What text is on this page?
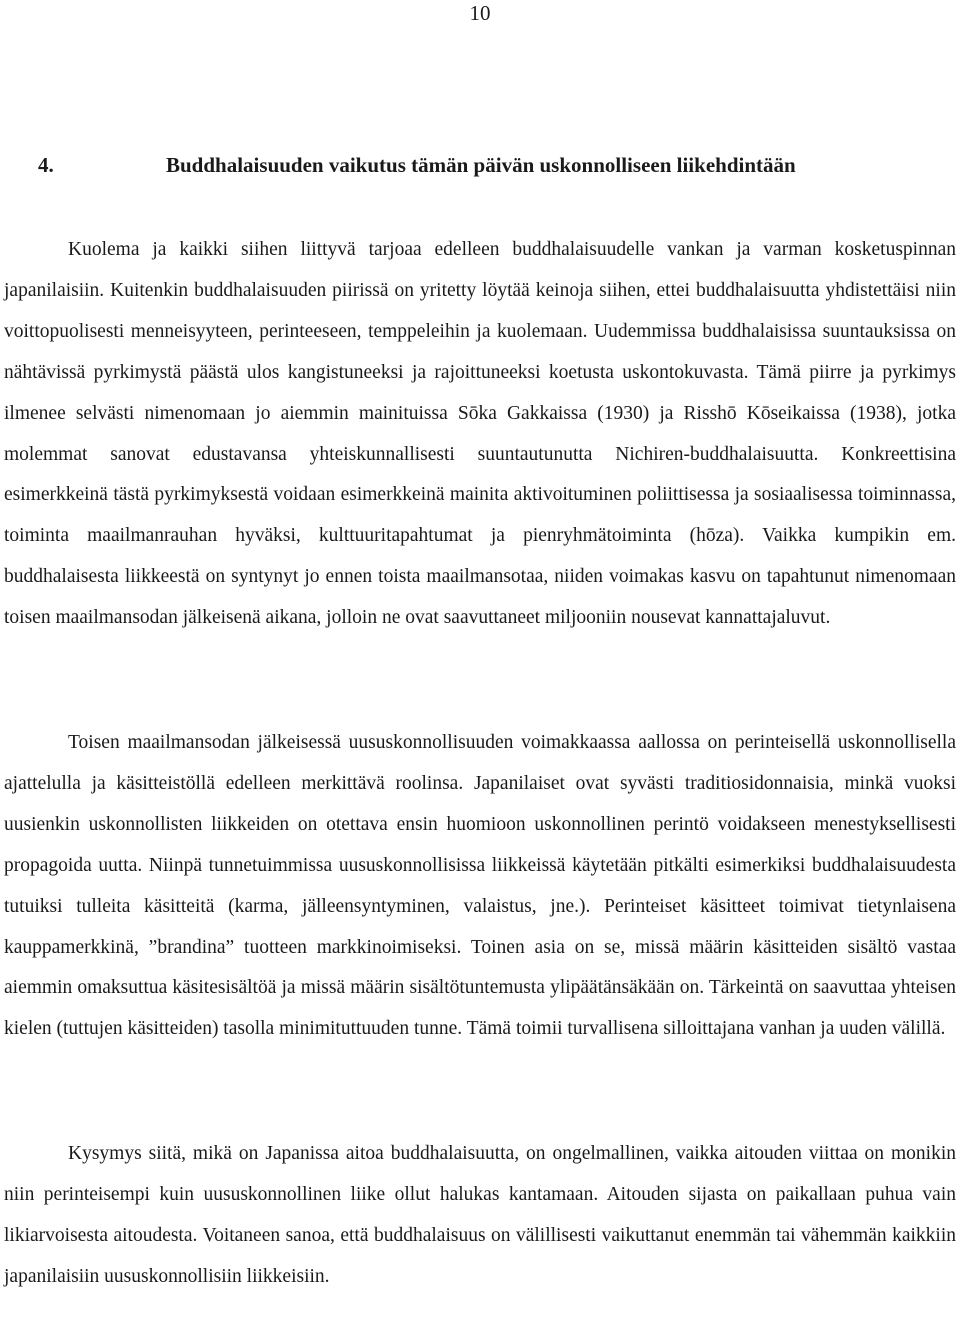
10
4.	Buddhalaisuuden vaikutus tämän päivän uskonnolliseen liikehdintään

Kuolema ja kaikki siihen liittyvä tarjoaa edelleen buddhalaisuudelle vankan ja varman kosketuspinnan japanilaisiin. Kuitenkin buddhalaisuuden piirissä on yritetty löytää keinoja siihen, ettei buddhalaisuutta yhdistettäisi niin voittopuolisesti menneisyyteen, perinteeseen, temppeleihin ja kuolemaan. Uudemmissa buddhalaisissa suuntauksissa on nähtävissä pyrkimystä päästä ulos kangistuneeksi ja rajoittuneeksi koetusta uskontokuvasta. Tämä piirre ja pyrkimys ilmenee selvästi nimenomaan jo aiemmin mainituissa Sōka Gakkaissa (1930) ja Risshō Kōseikaissa (1938), jotka molemmat sanovat edustavansa yhteiskunnallisesti suuntautunutta Nichiren-buddhalaisuutta. Konkreettisina esimerkkeinä tästä pyrkimyksestä voidaan esimerkkeinä mainita aktivoituminen poliittisessa ja sosiaalisessa toiminnassa, toiminta maailmanrauhan hyväksi, kulttuuritapahtumat ja pienryhmätoiminta (hōza). Vaikka kumpikin em. buddhalaisesta liikkeestä on syntynyt jo ennen toista maailmansotaa, niiden voimakas kasvu on tapahtunut nimenomaan toisen maailmansodan jälkeisenä aikana, jolloin ne ovat saavuttaneet miljooniin nousevat kannattajaluvut.

Toisen maailmansodan jälkeisessä uususkonnollisuuden voimakkaassa aallossa on perinteisellä uskonnollisella ajattelulla ja käsitteistöllä edelleen merkittävä roolinsa. Japanilaiset ovat syvästi traditiosidonnaisia, minkä vuoksi uusienkin uskonnollisten liikkeiden on otettava ensin huomioon uskonnollinen perintö voidakseen menestyksellisesti propagoida uutta. Niinpä tunnetuimmissa uususkonnollisissa liikkeissä käytetään pitkälti esimerkiksi buddhalaisuudesta tutuiksi tulleita käsitteitä (karma, jälleensyntyminen, valaistus, jne.). Perinteiset käsitteet toimivat tietynlaisena kauppamerkkinä, ”brandina” tuotteen markkinoimiseksi. Toinen asia on se, missä määrin käsitteiden sisältö vastaa aiemmin omaksuttua käsitesisältöä ja missä määrin sisältötuntemusta ylipäätänsäkään on. Tärkeintä on saavuttaa yhteisen kielen (tuttujen käsitteiden) tasolla minimituttuuden tunne. Tämä toimii turvallisena silloittajana vanhan ja uuden välillä.

Kysymys siitä, mikä on Japanissa aitoa buddhalaisuutta, on ongelmallinen, vaikka aitouden viittaa on monikin niin perinteisempi kuin uususkonnollinen liike ollut halukas kantamaan. Aitouden sijasta on paikallaan puhua vain likiarvoisesta aitoudesta. Voitaneen sanoa, että buddhalaisuus on välillisesti vaikuttanut enemmän tai vähemmän kaikkiin japanilaisiin uususkonnollisiin liikkeisiin.
